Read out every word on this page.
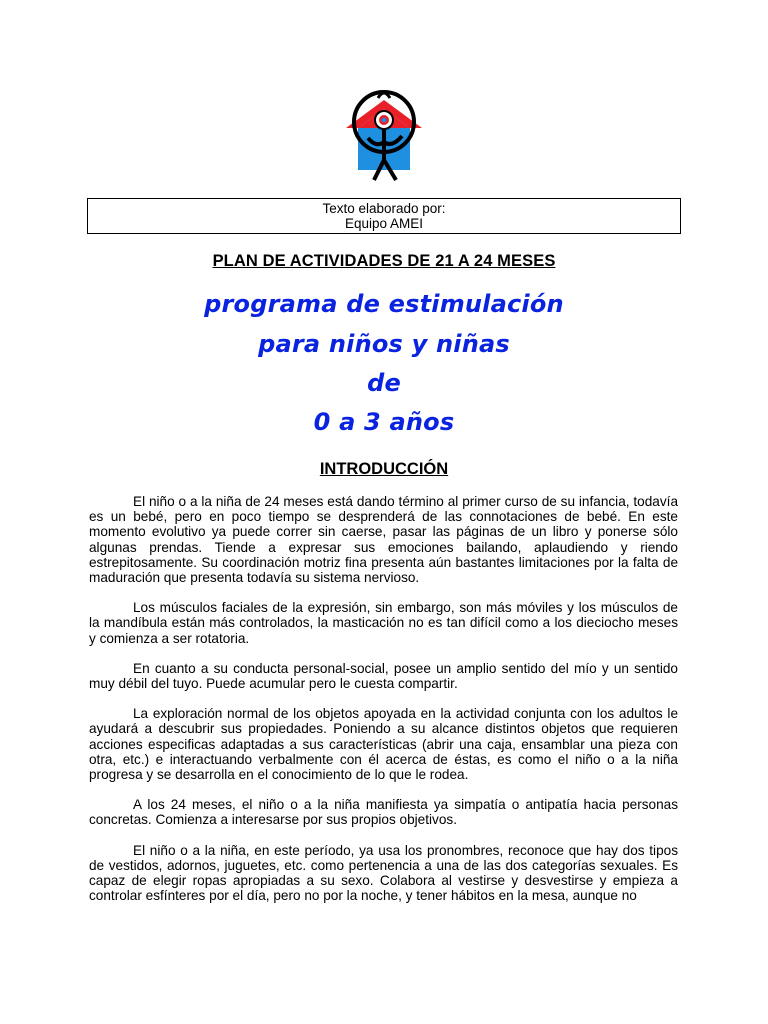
Texto elaborado por:
Equipo AMEI
PLAN DE ACTIVIDADES DE 21 A 24 MESES
programa de estimulación
para niños y niñas
de
0 a 3 años
INTRODUCCIÓN

El niño o a la niña de 24 meses está dando término al primer curso de su infancia, todavía es un bebé, pero en poco tiempo se desprenderá de las connotaciones de bebé. En este momento evolutivo ya puede correr sin caerse, pasar las páginas de un libro y ponerse sólo algunas prendas. Tiende a expresar sus emociones bailando, aplaudiendo y riendo estrepitosamente. Su coordinación motriz fina presenta aún bastantes limitaciones por la falta de maduración que presenta todavía su sistema nervioso.

Los músculos faciales de la expresión, sin embargo, son más móviles y los músculos de la mandíbula están más controlados, la masticación no es tan difícil como a los dieciocho meses y comienza a ser rotatoria.

En cuanto a su conducta personal-social, posee un amplio sentido del mío y un sentido muy débil del tuyo. Puede acumular pero le cuesta compartir.

La exploración normal de los objetos apoyada en la actividad conjunta con los adultos le ayudará a descubrir sus propiedades. Poniendo a su alcance distintos objetos que requieren acciones especificas adaptadas a sus características (abrir una caja, ensamblar una pieza con otra, etc.) e interactuando verbalmente con él acerca de éstas, es como el niño o a la niña progresa y se desarrolla en el conocimiento de lo que le rodea.

A los 24 meses, el niño o a la niña manifiesta ya simpatía o antipatía hacia personas concretas. Comienza a interesarse por sus propios objetivos.

El niño o a la niña, en este período, ya usa los pronombres, reconoce que hay dos tipos de vestidos, adornos, juguetes, etc. como pertenencia a una de las dos categorías sexuales. Es capaz de elegir ropas apropiadas a su sexo. Colabora al vestirse y desvestirse y empieza a controlar esfínteres por el día, pero no por la noche, y tener hábitos en la mesa, aunque no
